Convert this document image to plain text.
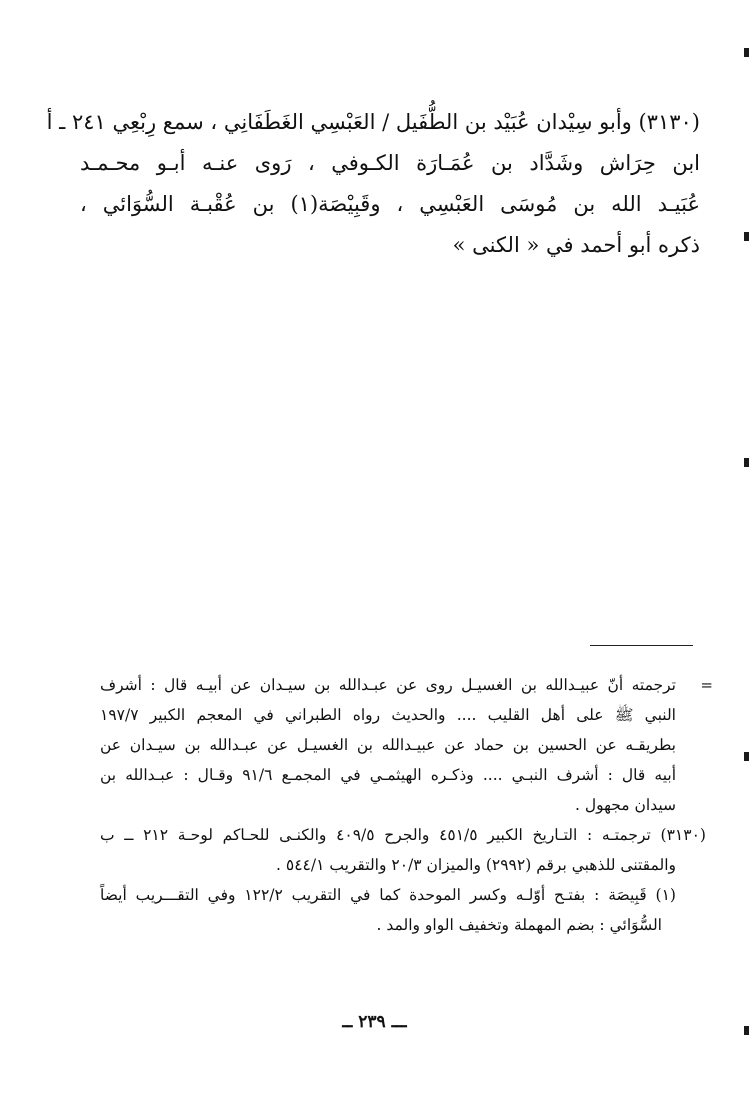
(٣١٣٠) وأبو سِيْدان عُبَيْد بن الطُّفَيل / العَبْسِي الغَطَفَانِي ، سمع رِبْعِي ٢٤١ ـ أ
ابن حِرَاش وشَدَّاد بن عُمَـارَة الكـوفي ، رَوى عنـه أبـو محـمـد
عُبَيـد الله بن مُوسَى العَبْسِي ، وقَبِيْصَة(١) بن عُقْبـة السُّوَائي ،
ذكره أبو أحمد في « الكنى »
=
ترجمته أنّ عبيـدالله بن الغسيـل روى عن عبـدالله بن سيـدان عن أبيـه قال : أشرف
النبي ﷺ على أهل القليب .... والحديث رواه الطبراني في المعجم الكبير ١٩٧/٧
بطريقـه عن الحسين بن حماد عن عبيـدالله بن الغسيـل عن عبـدالله بن سيـدان عن
أبيه قال : أشرف النبـي .... وذكـره الهيثمـي في المجمـع ٩١/٦ وقـال : عبـدالله بن
سيدان مجهول .
(٣١٣٠) ترجمتـه : التـاريخ الكبير ٤٥١/٥ والجرح ٤٠٩/٥ والكنـى للحـاكم لوحـة ٢١٢ ــ ب
والمقتنى للذهبي برقم (٢٩٩٢) والميزان ٢٠/٣ والتقريب ٥٤٤/١ .
(١) قَبِيصَة : بفتـح أوّلـه وكسر الموحدة كما في التقريب ١٢٢/٢ وفي التقـــريب أيضاً
السُّوَائي : بضم المهملة وتخفيف الواو والمد .
ـــ ٢٣٩ ــ
